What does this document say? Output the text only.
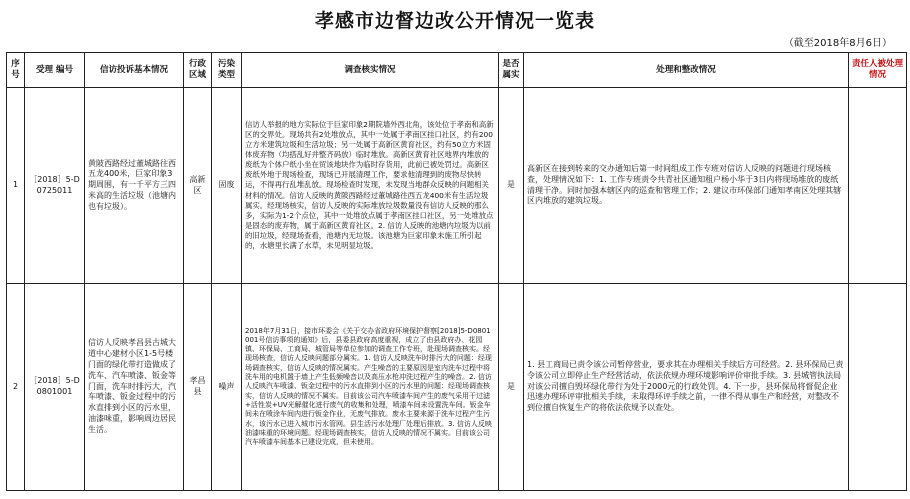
孝感市边督边改公开情况一览表
（截至2018年8月6日）
序号	受理 编号	信访投诉基本情况	行政区域	污染类型	调查核实情况	是否属实	处理和整改情况	责任人被处理情况
1	［2018］5-D0725011	黄陂西路经过董城路往西五龙400米，巨家印象3期周围，有一千平方三四米高的生活垃圾（池塘内也有垃圾）。	高新区	固废	信访人举报的地方实际位于巨家印象2期院墙外西北角，该处位于孝南和高新区的交界处。现场共有2处堆放点，其中一处属于孝南区挂口社区，约有200立方米建筑垃圾和生活垃圾；另一处属于高新区黄育社区，约有50立方米固体废弃物（均搭乱好并整齐码放）临时堆放。高新区黄育社区地界内堆放的废纸为个体户纸小坐在贸该地块作为临时存货用，此前已被处罚过。高新区废纸外地于现场检查，现场已开展清理工作，要求他清理到的废物尽快转运，不得再行乱堆乱放。现场检查时发现，未发现当地群众反映的问题相关材料的情况。信访人反映的黄陂西路经过董城路往西五龙400米有生活垃圾属实。经现场核实，信访人反映的实际堆放垃圾数量没有信访人反映的那么多，实际为1-2个点位，其中一处堆放点属于孝南区挂口社区，另一处堆放点是固态的废弃物，属于高新区黄育社区。2. 信访人反映的池塘内垃圾为以前的旧垃圾，经现场查看，池塘内无垃圾。该池塘为巨家印象未施工所引起的，水塘里长满了水草，未见明显垃圾。	是	高新区在接到转来的交办通知后第一时间组成工作专班对信访人反映的问题进行现场核查，处理情况如下：1. 工作专班责令共青社区通知租户杨小华于3日内将现场堆放的废纸清理干净。同时加强本辖区内的巡查和管理工作；2. 建议市环保部门通知孝南区处理其辖区内堆放的建筑垃圾。	
2	［2018］5-D0801001	信访人反映孝昌县古城大道中心建材小区1-5号楼门面的绿化带打造做成了洗车、汽车喷漆、钣金等门面，洗车时排污大，汽车喷漆、钣金过程中的污水直排到小区的污水里，油漆味重，影响周边居民生活。	孝昌县	噪声	2018年7月31日，接市环委会《关于交办省政府环境保护督察[2018]5-D0801001号信访事项的通知》后，县委县政府高度重视，成立了由县政府办、花园镇、环保局、工商局、城管局等单位参加的调查工作专班，赴现场调查核实。经现场核查，信访人反映问题部分属实。1. 信访人反映洗车时排污大的问题：经现场调查核实，信访人反映的情况属实。产生噪音的主要原因是室内洗车过程中将洗车用的电机置于墙上产生低频噪音以及高压水枪冲洗过程产生的噪音。2. 信访人反映汽车喷漆、钣金过程中的污水直排到小区的污水里的问题：经现场调查核实，信访人反映的情况不属实。目前该公司汽车喷漆车间产生的废气采用干过滤+活性炭+UV光解催化进行废气的收集和处理，喷漆车间未设置洗车间。钣金车间未在喷涂车间内进行钣金作业，无废气排放。废水主要来源于洗车过程产生污水，该污水已进入城市污水管网。县生活污水处理厂处理后排放。3. 信访人反映油漆味重的环境问题。经现场调查核实，信访人反映的情况不属实。目前该公司汽车喷漆车间基本已建设完成，但未使用。	是	1. 县工商局已责令该公司暂停营业，要求其在办理相关手续后方可经营。2. 县环保局已责令该公司立即停止生产经营活动，依法依规办理环境影响评价审批手续。3. 县城管执法局对该公司擅自毁坏绿化带行为处于2000元的行政处罚。4. 下一步，县环保局将督促企业迅速办理环评审批相关手续，未取得环评手续之前，一律不得从事生产和经营，对整改不到位擅自恢复生产的将依法依规予以查处。	
